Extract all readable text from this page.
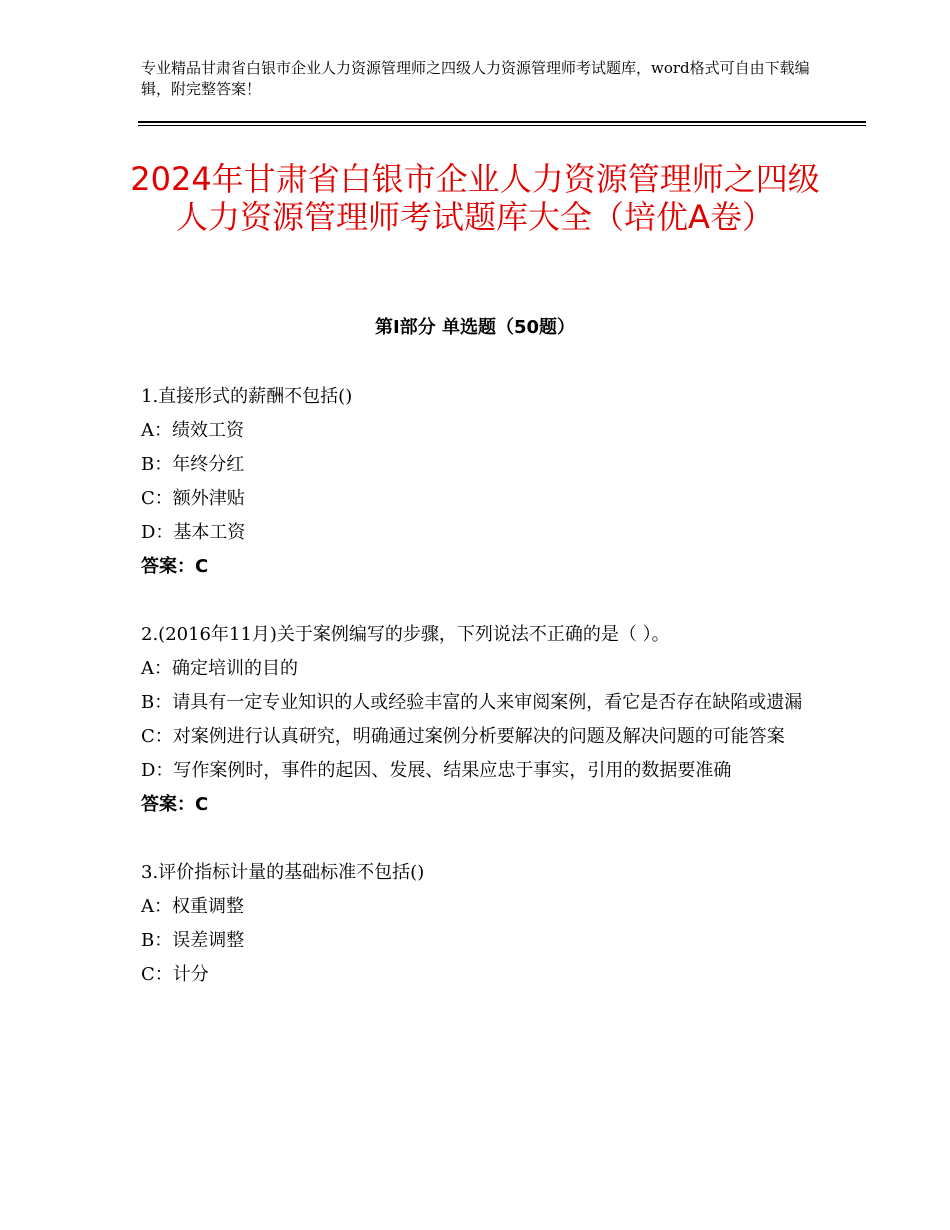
专业精品甘肃省白银市企业人力资源管理师之四级人力资源管理师考试题库，word格式可自由下载编辑，附完整答案！
2024年甘肃省白银市企业人力资源管理师之四级人力资源管理师考试题库大全（培优A卷）
第Ⅰ部分 单选题（50题）

1.直接形式的薪酬不包括()

A：绩效工资

B：年终分红

C：额外津贴

D：基本工资

答案：C

2.(2016年11月)关于案例编写的步骤，下列说法不正确的是（ ）。

A：确定培训的目的

B：请具有一定专业知识的人或经验丰富的人来审阅案例，看它是否存在缺陷或遗漏

C：对案例进行认真研究，明确通过案例分析要解决的问题及解决问题的可能答案

D：写作案例时，事件的起因、发展、结果应忠于事实，引用的数据要准确

答案：C

3.评价指标计量的基础标准不包括()

A：权重调整

B：误差调整

C：计分
